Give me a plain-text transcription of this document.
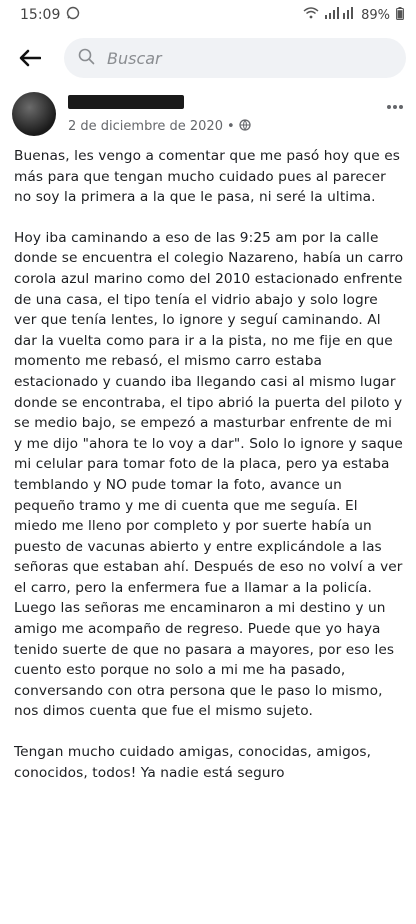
15:09	89%
Buscar
2 de diciembre de 2020 •

Buenas, les vengo a comentar que me pasó hoy que es más para que tengan mucho cuidado pues al parecer no soy la primera a la que le pasa, ni seré la ultima.

Hoy iba caminando a eso de las 9:25 am por la calle donde se encuentra el colegio Nazareno, había un carro corola azul marino como del 2010 estacionado enfrente de una casa, el tipo tenía el vidrio abajo y solo logre ver que tenía lentes, lo ignore y seguí caminando. Al dar la vuelta como para ir a la pista, no me fije en que momento me rebasó, el mismo carro estaba estacionado y cuando iba llegando casi al mismo lugar donde se encontraba, el tipo abrió la puerta del piloto y se medio bajo, se empezó a masturbar enfrente de mi y me dijo "ahora te lo voy a dar". Solo lo ignore y saque mi celular para tomar foto de la placa, pero ya estaba temblando y NO pude tomar la foto, avance un pequeño tramo y me di cuenta que me seguía. El miedo me lleno por completo y por suerte había un puesto de vacunas abierto y entre explicándole a las señoras que estaban ahí. Después de eso no volví a ver el carro, pero la enfermera fue a llamar a la policía. Luego las señoras me encaminaron a mi destino y un amigo me acompaño de regreso. Puede que yo haya tenido suerte de que no pasara a mayores, por eso les cuento esto porque no solo a mi me ha pasado, conversando con otra persona que le paso lo mismo, nos dimos cuenta que fue el mismo sujeto.

Tengan mucho cuidado amigas, conocidas, amigos, conocidos, todos! Ya nadie está seguro
